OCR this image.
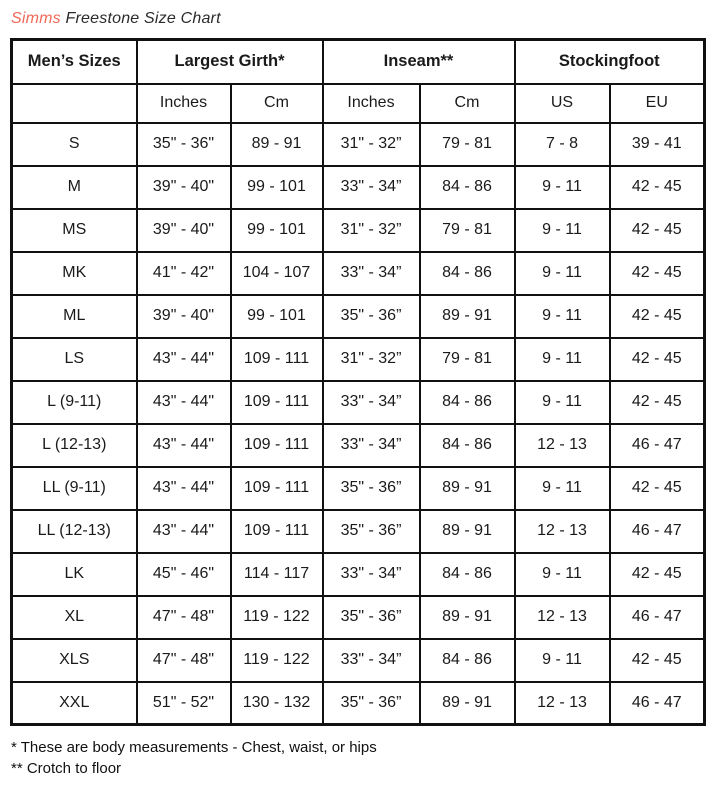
Simms Freestone Size Chart
Men’s Sizes	Largest Girth*		Inseam**		Stockingfoot	
	Inches	Cm	Inches	Cm	US	EU
S	35" - 36"	89 - 91	31" - 32”	79 - 81	7 - 8	39 - 41
M	39" - 40"	99 - 101	33" - 34”	84 - 86	9 - 11	42 - 45
MS	39" - 40"	99 - 101	31" - 32”	79 - 81	9 - 11	42 - 45
MK	41" - 42"	104 - 107	33" - 34”	84 - 86	9 - 11	42 - 45
ML	39" - 40"	99 - 101	35" - 36”	89 - 91	9 - 11	42 - 45
LS	43" - 44"	109 - 111	31" - 32”	79 - 81	9 - 11	42 - 45
L (9-11)	43" - 44"	109 - 111	33" - 34”	84 - 86	9 - 11	42 - 45
L (12-13)	43" - 44"	109 - 111	33" - 34”	84 - 86	12 - 13	46 - 47
LL (9-11)	43" - 44"	109 - 111	35" - 36”	89 - 91	9 - 11	42 - 45
LL (12-13)	43" - 44"	109 - 111	35" - 36”	89 - 91	12 - 13	46 - 47
LK	45" - 46"	114 - 117	33" - 34”	84 - 86	9 - 11	42 - 45
XL	47" - 48"	119 - 122	35" - 36”	89 - 91	12 - 13	46 - 47
XLS	47" - 48"	119 - 122	33" - 34”	84 - 86	9 - 11	42 - 45
XXL	51" - 52"	130 - 132	35" - 36”	89 - 91	12 - 13	46 - 47
* These are body measurements - Chest, waist, or hips
** Crotch to floor
